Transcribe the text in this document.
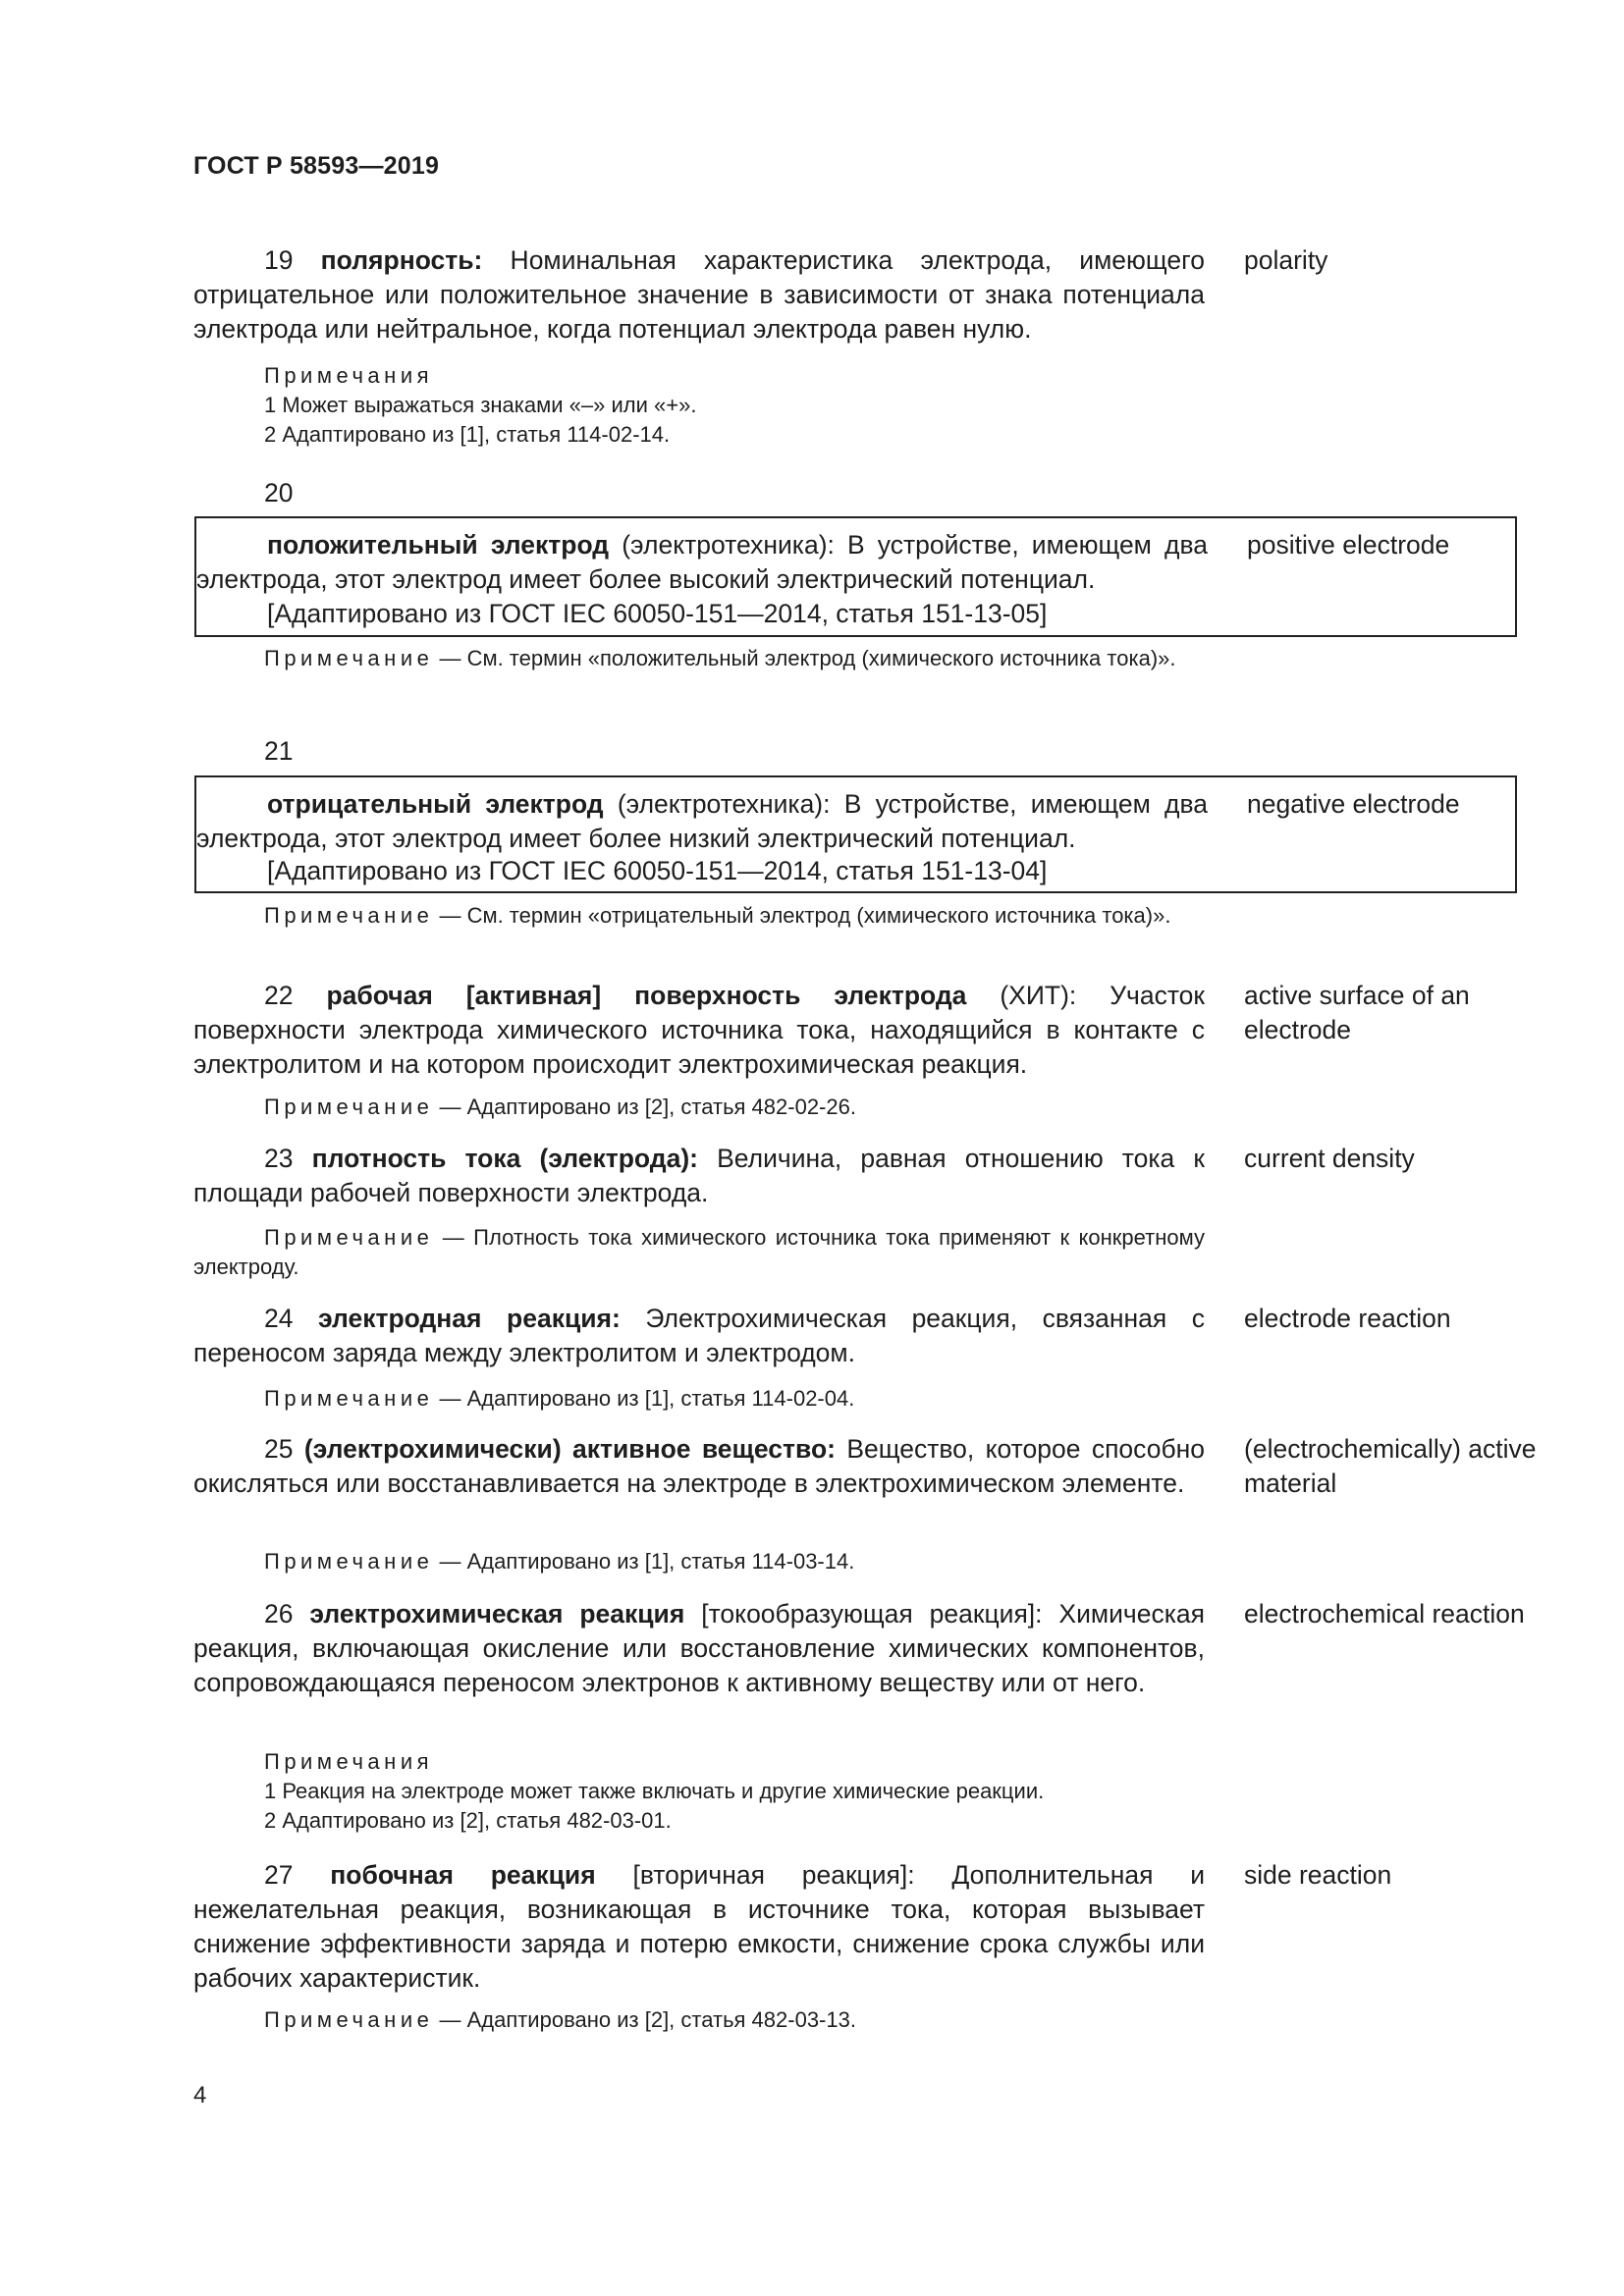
ГОСТ Р 58593—2019

19 полярность: Номинальная характеристика электрода, имеющего отрицательное или положительное значение в зависимости от знака потенциала электрода или нейтральное, когда потенциал электрода равен нулю.

polarity

Примечания
1 Может выражаться знаками «–» или «+».
2 Адаптировано из [1], статья 114-02-14.
20

положительный электрод (электротехника): В устройстве, имеющем два электрода, этот электрод имеет более высокий электрический потенциал.

[Адаптировано из ГОСТ IEC 60050-151—2014, статья 151-13-05]

positive electrode

Примечание — См. термин «положительный электрод (химического источника тока)».

21

отрицательный электрод (электротехника): В устройстве, имеющем два электрода, этот электрод имеет более низкий электрический потенциал.

[Адаптировано из ГОСТ IEC 60050-151—2014, статья 151-13-04]

negative electrode

Примечание — См. термин «отрицательный электрод (химического источника тока)».

22 рабочая [активная] поверхность электрода (ХИТ): Участок поверхности электрода химического источника тока, находящийся в контакте с электролитом и на котором происходит электрохимическая реакция.

active surface of an electrode

Примечание — Адаптировано из [2], статья 482-02-26.

23 плотность тока (электрода): Величина, равная отношению тока к площади рабочей поверхности электрода.

current density

Примечание — Плотность тока химического источника тока применяют к конкретному электроду.

24 электродная реакция: Электрохимическая реакция, связанная с переносом заряда между электролитом и электродом.

electrode reaction

Примечание — Адаптировано из [1], статья 114-02-04.

25 (электрохимически) активное вещество: Вещество, которое способно окисляться или восстанавливается на электроде в электрохимическом элементе.

(electrochemically) active material

Примечание — Адаптировано из [1], статья 114-03-14.

26 электрохимическая реакция [токообразующая реакция]: Химическая реакция, включающая окисление или восстановление химических компонентов, сопровождающаяся переносом электронов к активному веществу или от него.

electrochemical reaction

Примечания
1 Реакция на электроде может также включать и другие химические реакции.
2 Адаптировано из [2], статья 482-03-01.

27 побочная реакция [вторичная реакция]: Дополнительная и нежелательная реакция, возникающая в источнике тока, которая вызывает снижение эффективности заряда и потерю емкости, снижение срока службы или рабочих характеристик.

side reaction

Примечание — Адаптировано из [2], статья 482-03-13.

4
